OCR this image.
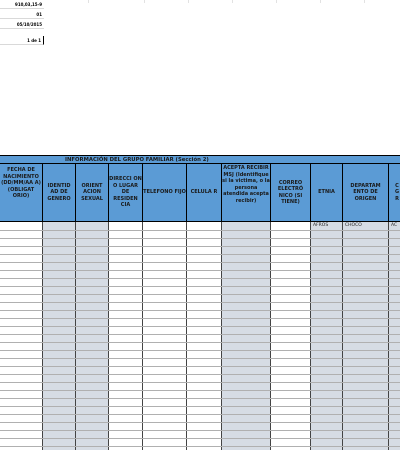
910,03,15-9
01
05/10/2015
1 de 1
INFORMACIÓN DEL GRUPO FAMILIAR (Sección 2)
FECHA DE NACIMIENTO (DD/MM/AA A) (OBLIGAT ORIO)
IDENTID AD DE GENERO
ORIENT ACION SEXUAL
DIRECCI ÓN O LUGAR DE RESIDEN CIA
TELÉFONO FIJO CELULA R
ACEPTA RECIBIR MSJ (Identifique si la victima, o la persona atendida acepta recibir)
CORREO ELECTRÓ NICO (SI TIENE)
ETNIA
DEPARTAM ENTO DE ORIGEN
C G R
AFROS	CHOCO	AC
